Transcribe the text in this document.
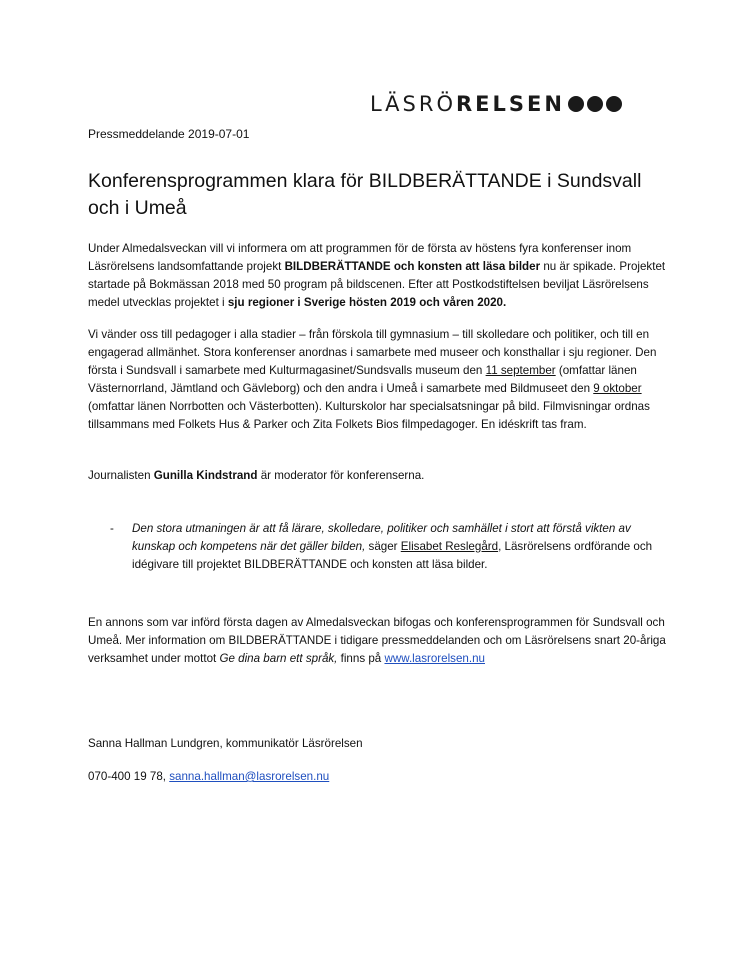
LÄSRÖ RELSEN
Pressmeddelande 2019-07-01
Konferensprogrammen klara för BILDBERÄTTANDE i Sundsvall och i Umeå

Under Almedalsveckan vill vi informera om att programmen för de första av höstens fyra konferenser inom Läsrörelsens landsomfattande projekt BILDBERÄTTANDE och konsten att läsa bilder nu är spikade. Projektet startade på Bokmässan 2018 med 50 program på bildscenen. Efter att Postkodstiftelsen beviljat Läsrörelsens medel utvecklas projektet i sju regioner i Sverige hösten 2019 och våren 2020.

Vi vänder oss till pedagoger i alla stadier – från förskola till gymnasium – till skolledare och politiker, och till en engagerad allmänhet. Stora konferenser anordnas i samarbete med museer och konsthallar i sju regioner. Den första i Sundsvall i samarbete med Kulturmagasinet/Sundsvalls museum den 11 september (omfattar länen Västernorrland, Jämtland och Gävleborg) och den andra i Umeå i samarbete med Bildmuseet den 9 oktober (omfattar länen Norrbotten och Västerbotten). Kulturskolor har specialsatsningar på bild. Filmvisningar ordnas tillsammans med Folkets Hus & Parker och Zita Folkets Bios filmpedagoger. En idéskrift tas fram.

Journalisten Gunilla Kindstrand är moderator för konferenserna.

- Den stora utmaningen är att få lärare, skolledare, politiker och samhället i stort att förstå vikten av kunskap och kompetens när det gäller bilden, säger Elisabet Reslegård, Läsrörelsens ordförande och idégivare till projektet BILDBERÄTTANDE och konsten att läsa bilder.

En annons som var införd första dagen av Almedalsveckan bifogas och konferensprogrammen för Sundsvall och Umeå. Mer information om BILDBERÄTTANDE i tidigare pressmeddelanden och om Läsrörelsens snart 20-åriga verksamhet under mottot Ge dina barn ett språk, finns på www.lasrorelsen.nu

Sanna Hallman Lundgren, kommunikatör Läsrörelsen

070-400 19 78, sanna.hallman@lasrorelsen.nu
